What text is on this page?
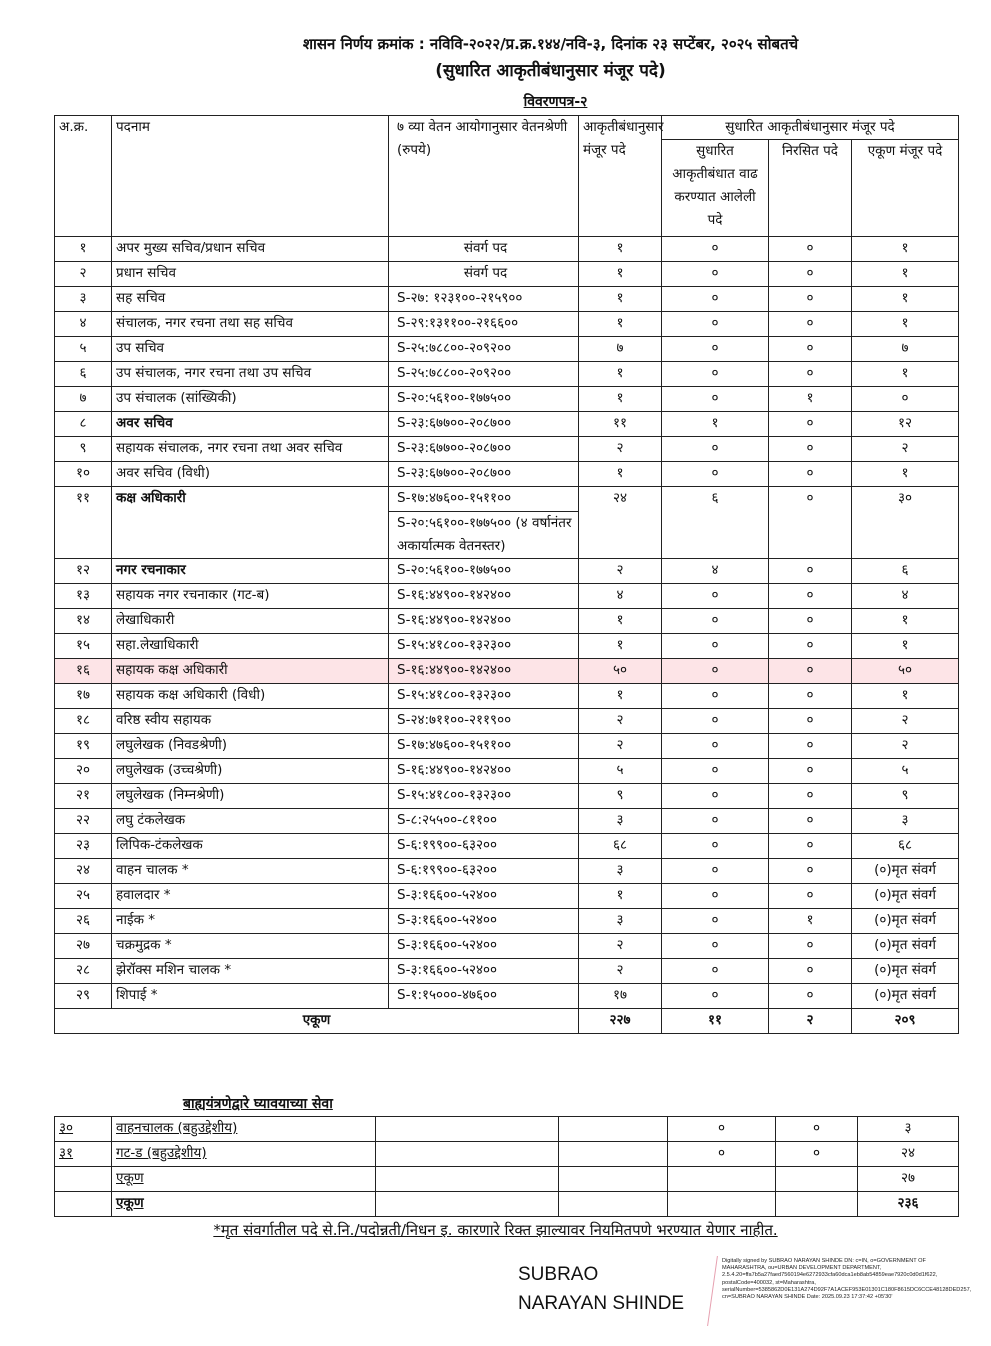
शासन निर्णय क्रमांक : नविवि-२०२२/प्र.क्र.१४४/नवि-३, दिनांक २३ सप्टेंबर, २०२५ सोबतचे
(सुधारित आकृतीबंधानुसार मंजूर पदे)
विवरणपत्र-२
अ.क्र.	पदनाम	७ व्या वेतन आयोगानुसार वेतनश्रेणी (रुपये)	आकृतीबंधानुसार मंजूर पदे	सुधारित आकृतीबंधानुसार मंजूर पदे		
				सुधारित आकृतीबंधात वाढ करण्यात आलेली पदे	निरसित पदे	एकूण मंजूर पदे
१	अपर मुख्य सचिव/प्रधान सचिव	संवर्ग पद	१	०	०	१
२	प्रधान सचिव	संवर्ग पद	१	०	०	१
३	सह सचिव	S-२७: १२३१००-२१५९००	१	०	०	१
४	संचालक, नगर रचना तथा सह सचिव	S-२९:१३११००-२१६६००	१	०	०	१
५	उप सचिव	S-२५:७८८००-२०९२००	७	०	०	७
६	उप संचालक, नगर रचना तथा उप सचिव	S-२५:७८८००-२०९२००	१	०	०	१
७	उप संचालक (सांख्यिकी)	S-२०:५६१००-१७७५००	१	०	१	०
८	अवर सचिव	S-२३:६७७००-२०८७००	११	१	०	१२
९	सहायक संचालक, नगर रचना तथा अवर सचिव	S-२३:६७७००-२०८७००	२	०	०	२
१०	अवर सचिव (विधी)	S-२३:६७७००-२०८७००	१	०	०	१
११	कक्ष अधिकारी	S-१७:४७६००-१५११००	२४	६	०	३०
		S-२०:५६१००-१७७५०० (४ वर्षानंतर अकार्यात्मक वेतनस्तर)				
१२	नगर रचनाकार	S-२०:५६१००-१७७५००	२	४	०	६
१३	सहायक नगर रचनाकार (गट-ब)	S-१६:४४९००-१४२४००	४	०	०	४
१४	लेखाधिकारी	S-१६:४४९००-१४२४००	१	०	०	१
१५	सहा.लेखाधिकारी	S-१५:४१८००-१३२३००	१	०	०	१
१६	सहायक कक्ष अधिकारी	S-१६:४४९००-१४२४००	५०	०	०	५०
१७	सहायक कक्ष अधिकारी (विधी)	S-१५:४१८००-१३२३००	१	०	०	१
१८	वरिष्ठ स्वीय सहायक	S-२४:७११००-२११९००	२	०	०	२
१९	लघुलेखक (निवडश्रेणी)	S-१७:४७६००-१५११००	२	०	०	२
२०	लघुलेखक (उच्चश्रेणी)	S-१६:४४९००-१४२४००	५	०	०	५
२१	लघुलेखक (निम्नश्रेणी)	S-१५:४१८००-१३२३००	९	०	०	९
२२	लघु टंकलेखक	S-८:२५५००-८११००	३	०	०	३
२३	लिपिक-टंकलेखक	S-६:१९९००-६३२००	६८	०	०	६८
२४	वाहन चालक *	S-६:१९९००-६३२००	३	०	०	(०)मृत संवर्ग
२५	हवालदार *	S-३:१६६००-५२४००	१	०	०	(०)मृत संवर्ग
२६	नाईक *	S-३:१६६००-५२४००	३	०	१	(०)मृत संवर्ग
२७	चक्रमुद्रक *	S-३:१६६००-५२४००	२	०	०	(०)मृत संवर्ग
२८	झेरॉक्स मशिन चालक *	S-३:१६६००-५२४००	२	०	०	(०)मृत संवर्ग
२९	शिपाई *	S-१:१५०००-४७६००	१७	०	०	(०)मृत संवर्ग
एकूण			२२७	११	२	२०९
बाह्ययंत्रणेद्वारे घ्यावयाच्या सेवा
३०	वाहनचालक (बहुउद्देशीय)			०	०	३
३१	गट-ड (बहुउद्देशीय)			०	०	२४
	एकूण					२७
	एकूण					२३६
*मृत संवर्गातील पदे से.नि./पदोन्नती/निधन इ. कारणारे रिक्त झाल्यावर नियमितपणे भरण्यात येणार नाहीत.
SUBRAO
NARAYAN SHINDE
Digitally signed by SUBRAO NARAYAN SHINDE DN: c=IN, o=GOVERNMENT OF MAHARASHTRA, ou=URBAN DEVELOPMENT DEPARTMENT, 2.5.4.20=ffa7b5a27faed7560194e6272933cfa60dca1eb8ab54859eae7920c0d0d1f622, postalCode=400032, st=Maharashtra, serialNumber=5385862D0E131A274D92F7A1ACEF953E01301C180F8615DC6CCE48128DED257, cn=SUBRAO NARAYAN SHINDE Date: 2025.09.23 17:37:42 +05'30'
